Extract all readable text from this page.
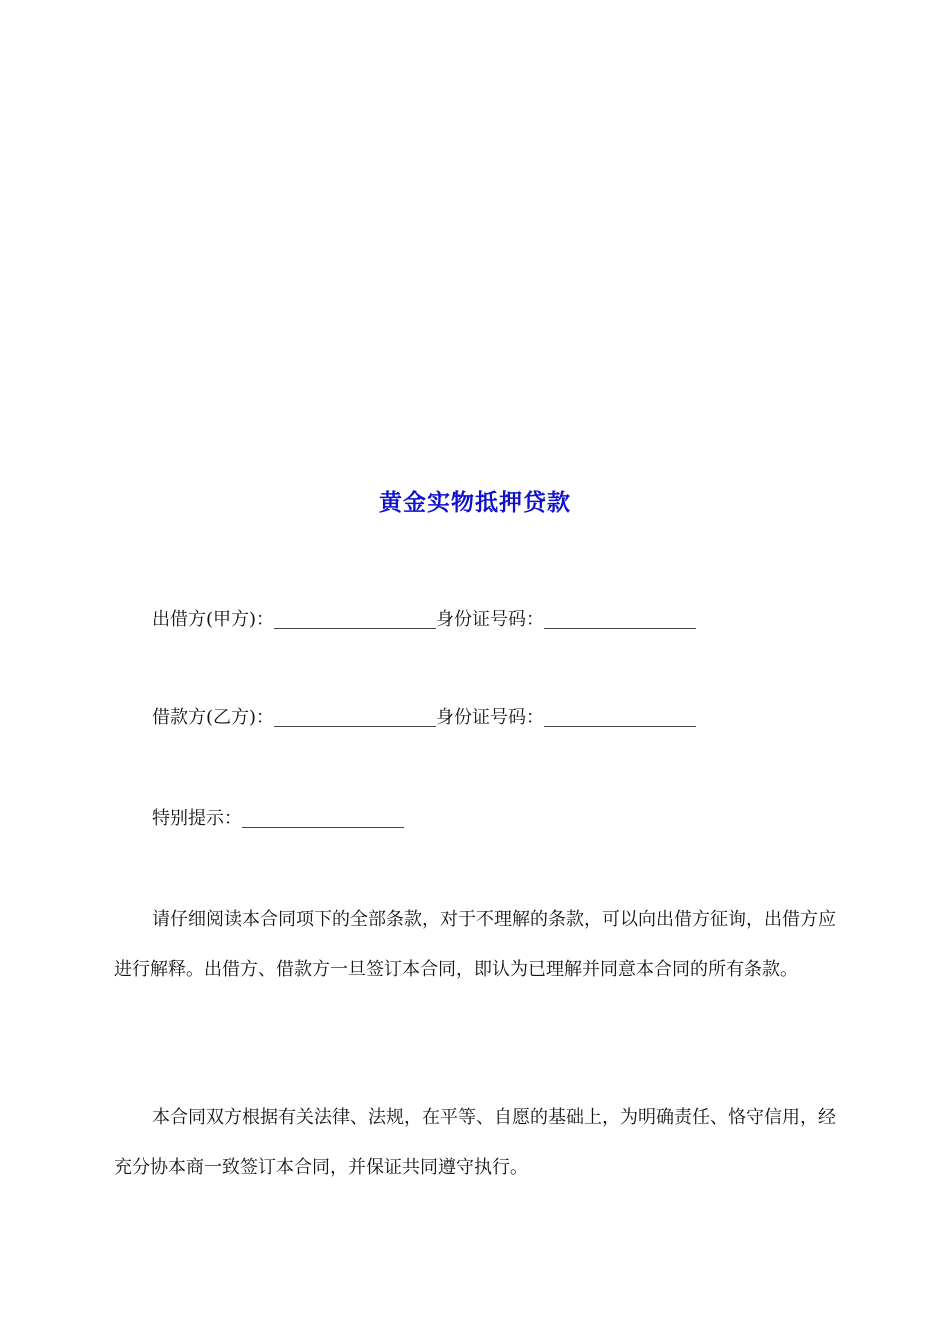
黄金实物抵押贷款
出借方(甲方)：	身份证号码：
借款方(乙方)：	身份证号码：
特别提示：

请仔细阅读本合同项下的全部条款，对于不理解的条款，可以向出借方征询，出借方应进行解释。出借方、借款方一旦签订本合同，即认为已理解并同意本合同的所有条款。

本合同双方根据有关法律、法规，在平等、自愿的基础上，为明确责任、恪守信用，经充分协本商一致签订本合同，并保证共同遵守执行。
